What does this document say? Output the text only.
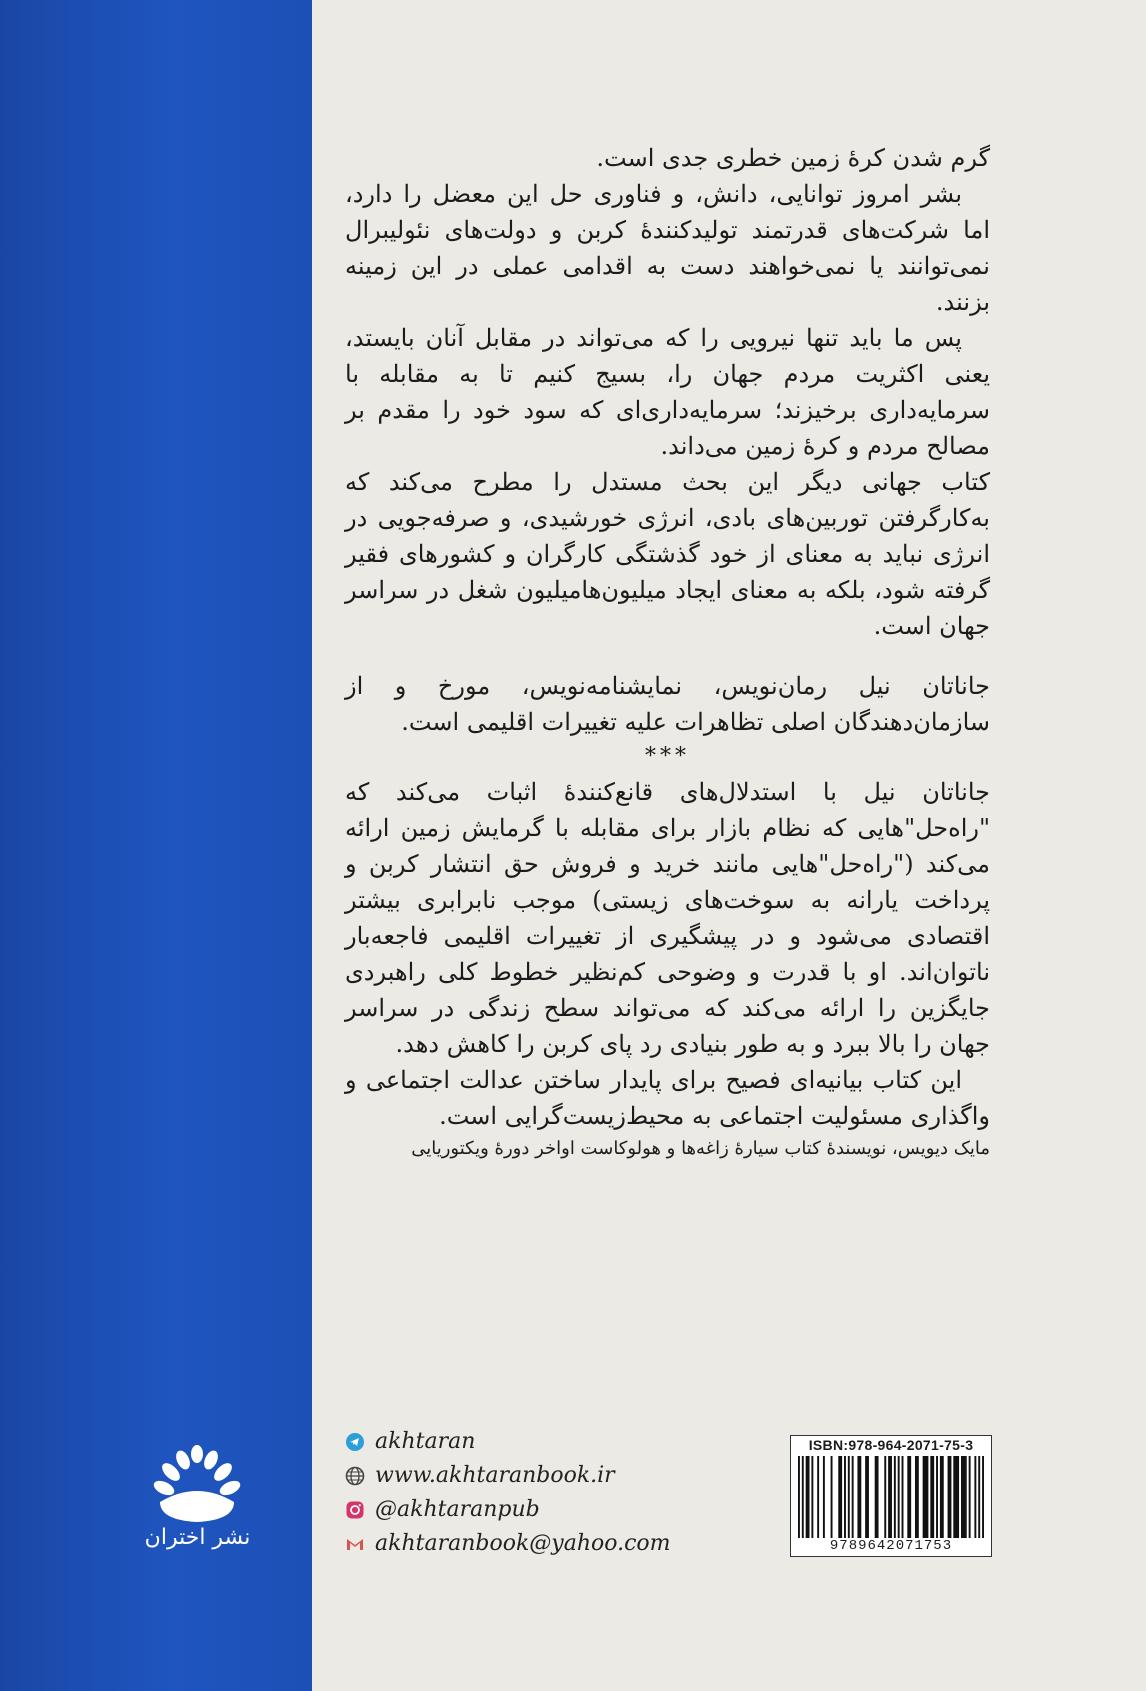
نشر اختران

گرم شدن کرهٔ زمین خطری جدی است.

بشر امروز توانایی، دانش، و فناوری حل این معضل را دارد، اما شرکت‌های قدرتمند تولیدکنندهٔ کربن و دولت‌های نئولیبرال نمی‌توانند یا نمی‌خواهند دست به اقدامی عملی در این زمینه بزنند.

پس ما باید تنها نیرویی را که می‌تواند در مقابل آنان بایستد، یعنی اکثریت مردم جهان را، بسیج کنیم تا به مقابله با سرمایه‌داری برخیزند؛ سرمایه‌داری‌ای که سود خود را مقدم بر مصالح مردم و کرهٔ زمین می‌داند.

کتاب جهانی دیگر این بحث مستدل را مطرح می‌کند که به‌کارگرفتن توربین‌های بادی، انرژی خورشیدی، و صرفه‌جویی در انرژی نباید به معنای از خود گذشتگی کارگران و کشورهای فقیر گرفته شود، بلکه به معنای ایجاد میلیون‌هامیلیون شغل در سراسر جهان است.

جاناتان نیل رمان‌نویس، نمایشنامه‌نویس، مورخ و از سازمان‌دهندگان اصلی تظاهرات علیه تغییرات اقلیمی است.

***

جاناتان نیل با استدلال‌های قانع‌کنندهٔ اثبات می‌کند که "راه‌حل"هایی که نظام بازار برای مقابله با گرمایش زمین ارائه می‌کند ("راه‌حل"هایی مانند خرید و فروش حق انتشار کربن و پرداخت یارانه به سوخت‌های زیستی) موجب نابرابری بیشتر اقتصادی می‌شود و در پیشگیری از تغییرات اقلیمی فاجعه‌بار ناتوان‌اند. او با قدرت و وضوحی کم‌نظیر خطوط کلی راهبردی جایگزین را ارائه می‌کند که می‌تواند سطح زندگی در سراسر جهان را بالا ببرد و به طور بنیادی رد پای کربن را کاهش دهد.

این کتاب بیانیه‌ای فصیح برای پایدار ساختن عدالت اجتماعی و واگذاری مسئولیت اجتماعی به محیط‌زیست‌گرایی است.

مایک دیویس، نویسندهٔ کتاب سیارهٔ زاغه‌ها و هولوکاست اواخر دورهٔ ویکتوریایی

akhtaran
www.akhtaranbook.ir
@akhtaranpub
akhtaranbook@yahoo.com
ISBN:978-964-2071-75-3
9789642071753
